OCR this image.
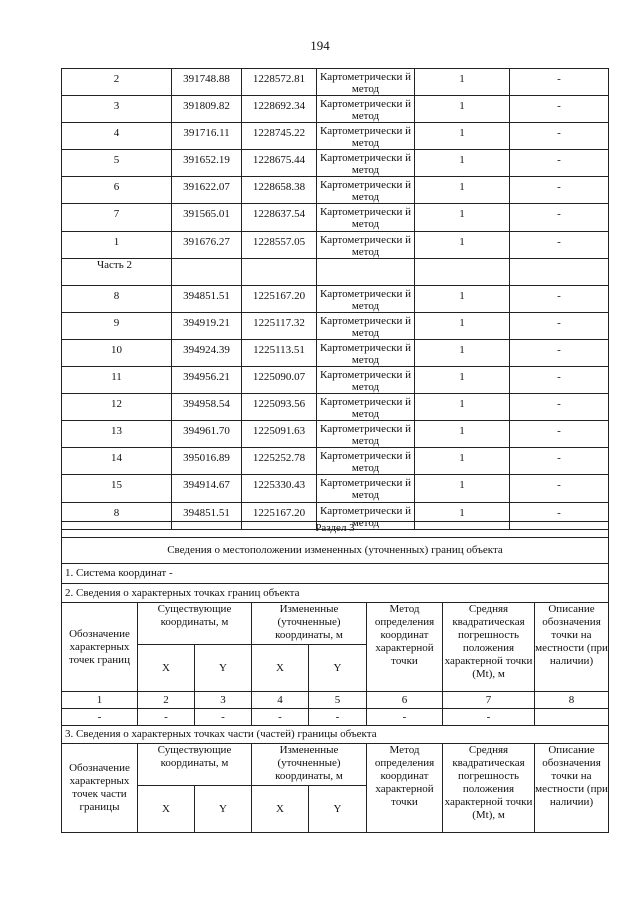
194
2	391748.88	1228572.81	Картометрически й метод	1	-
3	391809.82	1228692.34	Картометрически й метод	1	-
4	391716.11	1228745.22	Картометрически й метод	1	-
5	391652.19	1228675.44	Картометрически й метод	1	-
6	391622.07	1228658.38	Картометрически й метод	1	-
7	391565.01	1228637.54	Картометрически й метод	1	-
1	391676.27	1228557.05	Картометрически й метод	1	-
Часть 2					
8	394851.51	1225167.20	Картометрически й метод	1	-
9	394919.21	1225117.32	Картометрически й метод	1	-
10	394924.39	1225113.51	Картометрически й метод	1	-
11	394956.21	1225090.07	Картометрически й метод	1	-
12	394958.54	1225093.56	Картометрически й метод	1	-
13	394961.70	1225091.63	Картометрически й метод	1	-
14	395016.89	1225252.78	Картометрически й метод	1	-
15	394914.67	1225330.43	Картометрически й метод	1	-
8	394851.51	1225167.20	Картометрически й метод	1	-
Раздел 3							
Сведения о местоположении измененных (уточненных) границ объекта							
1. Система координат -							
2. Сведения о характерных точках границ объекта							
Обозначение характерных точек границ	Существующие координаты, м		Измененные (уточненные) координаты, м		Метод определения координат характерной точки	Средняя квадратическая погрешность положения характерной точки (Mt), м	Описание обозначения точки на местности (при наличии)
	X	Y	X	Y			
1	2	3	4	5	6	7	8
-	-	-	-	-	-	-	
3. Сведения о характерных точках части (частей) границы объекта							
Обозначение характерных точек части границы	Существующие координаты, м		Измененные (уточненные) координаты, м		Метод определения координат характерной точки	Средняя квадратическая погрешность положения характерной точки (Mt), м	Описание обозначения точки на местности (при наличии)
	X	Y	X	Y			
